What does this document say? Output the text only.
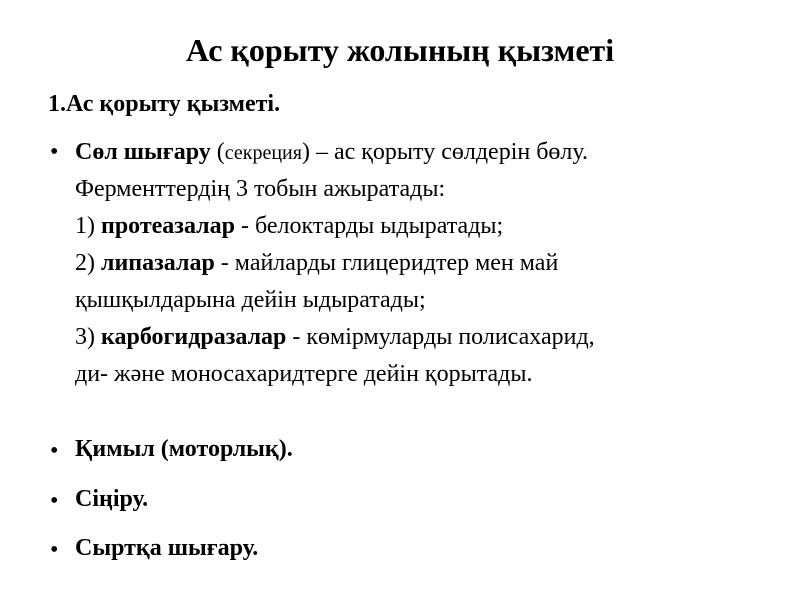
Ас қорыту жолының қызметі
1.Ас қорыту қызметі.
• Сөл шығару (секреция) – ас қорыту сөлдерін бөлу.
Ферменттердің 3 тобын ажыратады:
1) протеазалар - белоктарды ыдыратады;
2) липазалар - майларды глицеридтер мен май
қышқылдарына дейін ыдыратады;
3) карбогидразалар - көмірмуларды полисахарид,
ди- және моносахаридтерге дейін қорытады.
• Қимыл (моторлық).
• Сіңіру.
• Сыртқа шығару.
